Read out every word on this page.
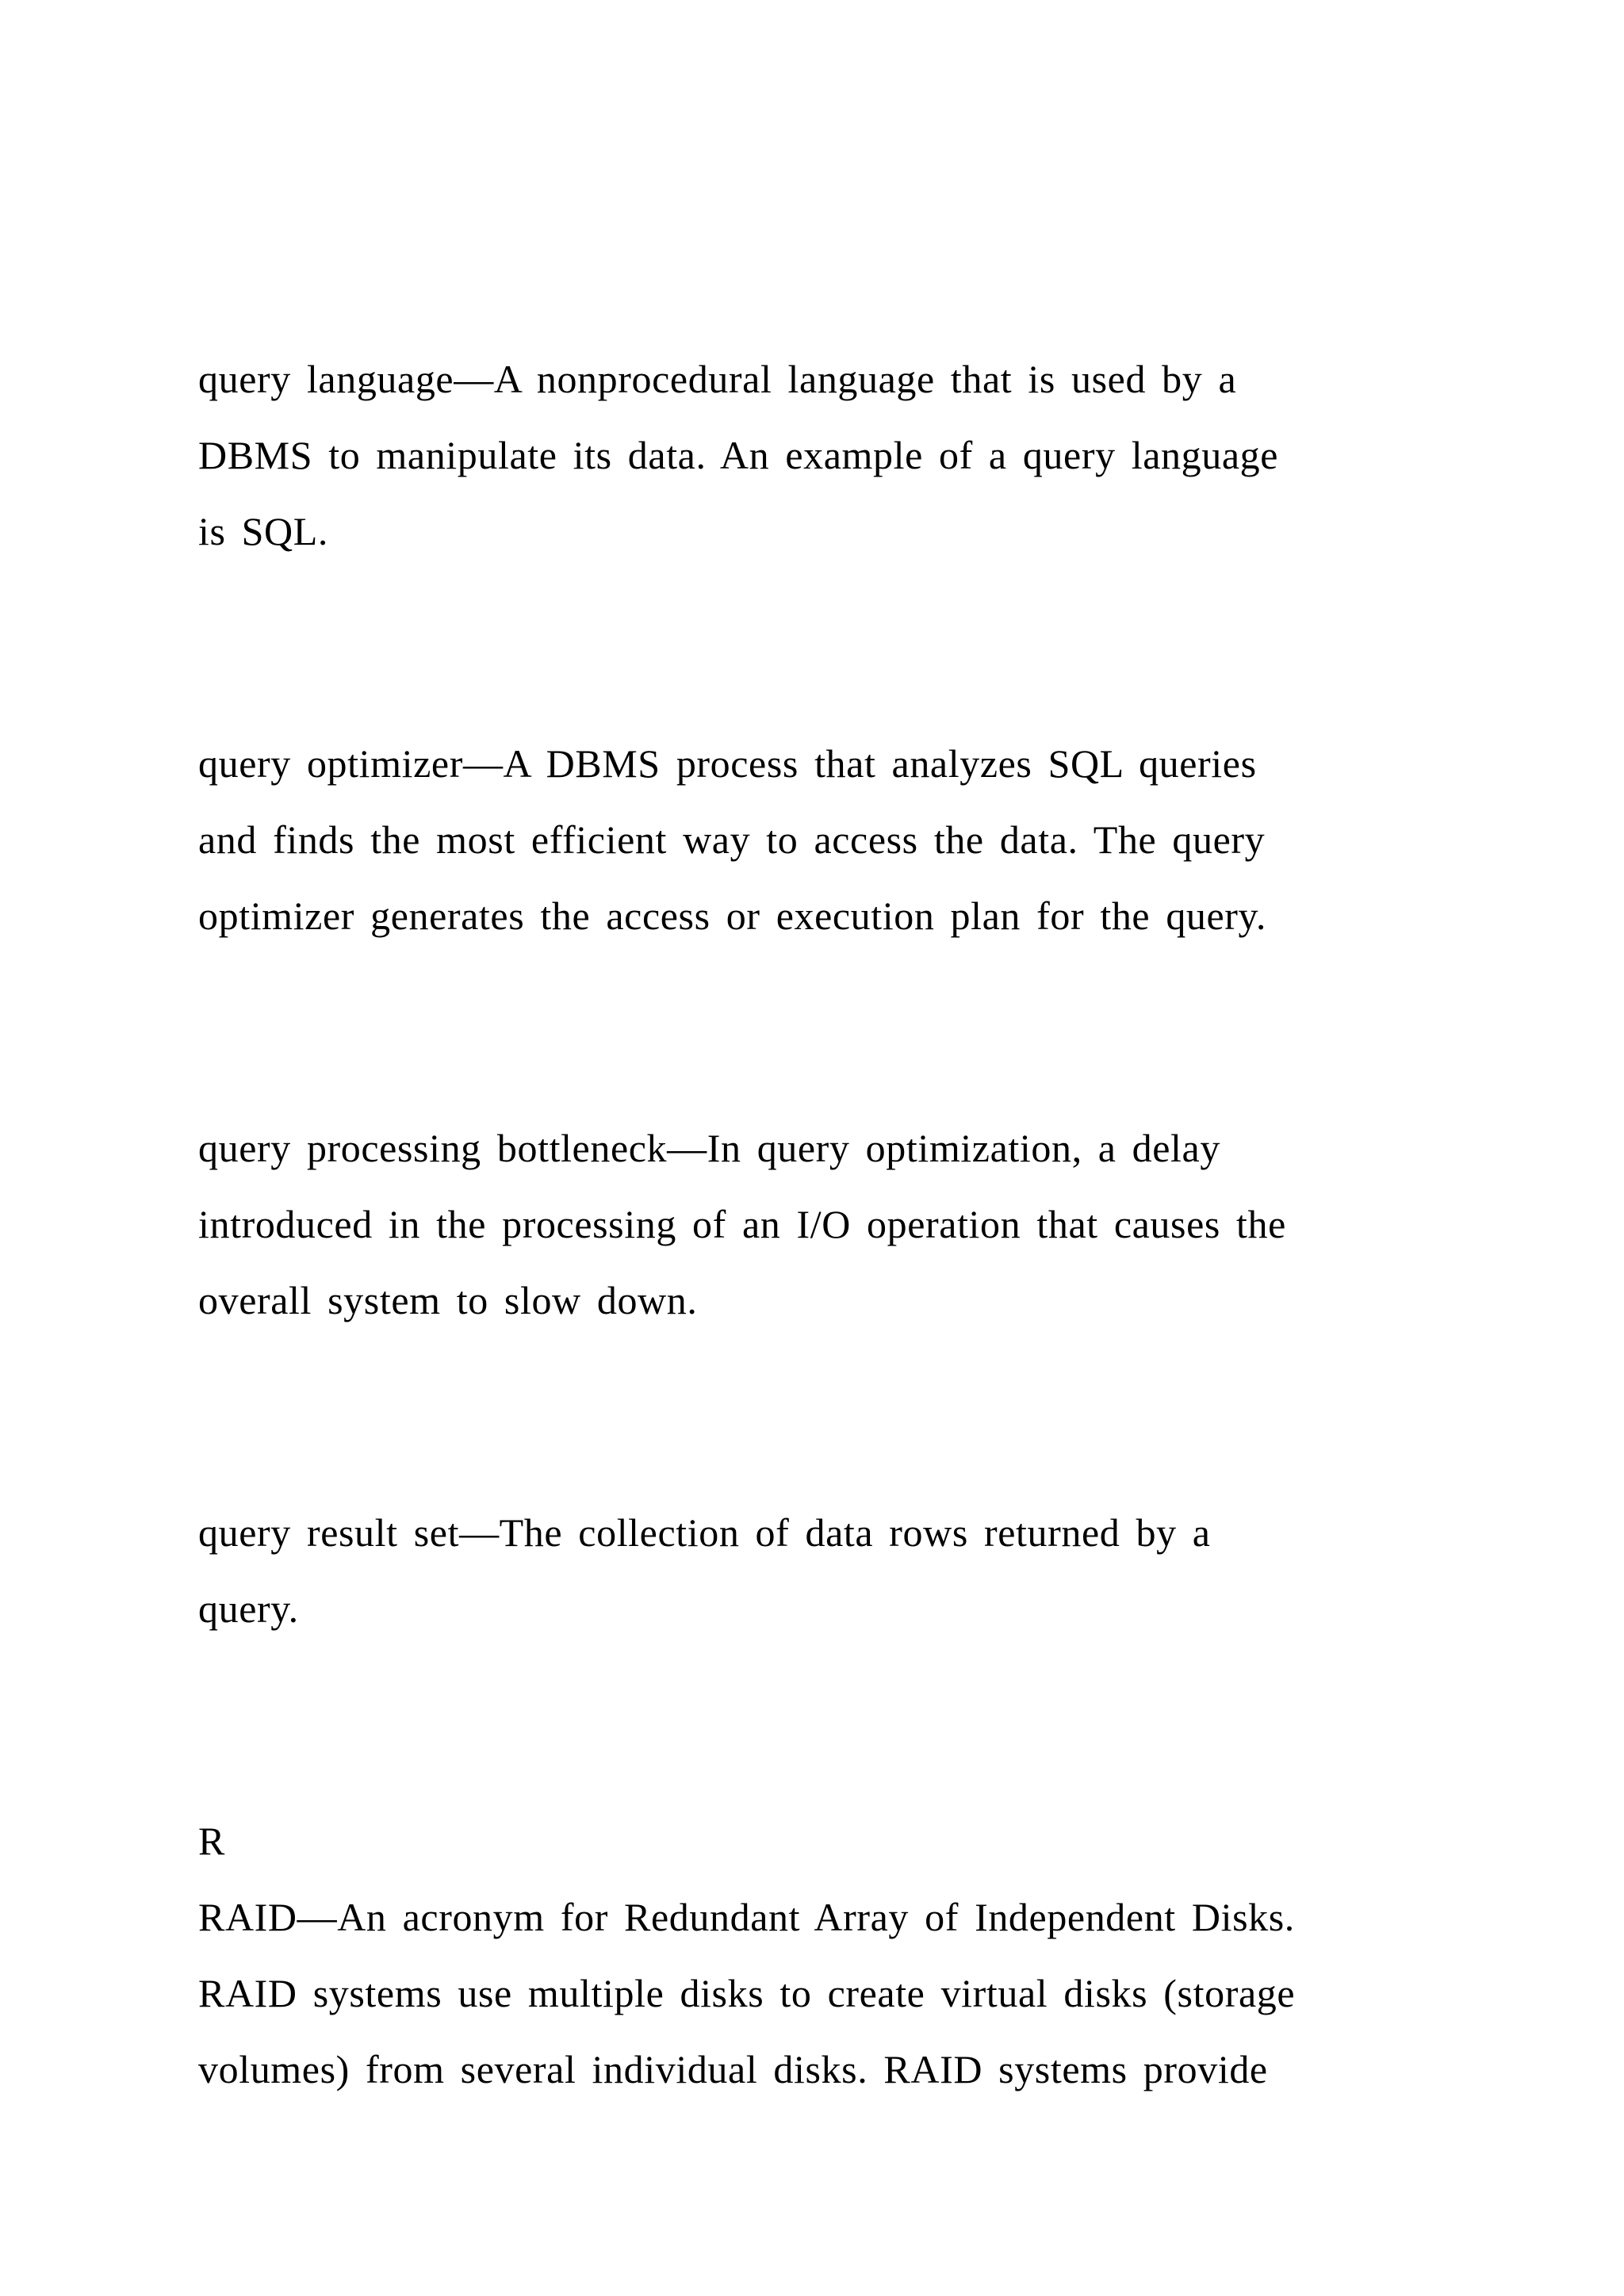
query language—A nonprocedural language that is used by a

DBMS to manipulate its data. An example of a query language

is SQL.

query optimizer—A DBMS process that analyzes SQL queries

and finds the most efficient way to access the data. The query

optimizer generates the access or execution plan for the query.

query processing bottleneck—In query optimization, a delay

introduced in the processing of an I/O operation that causes the

overall system to slow down.

query result set—The collection of data rows returned by a

query.

R

RAID—An acronym for Redundant Array of Independent Disks.

RAID systems use multiple disks to create virtual disks (storage

volumes) from several individual disks. RAID systems provide
